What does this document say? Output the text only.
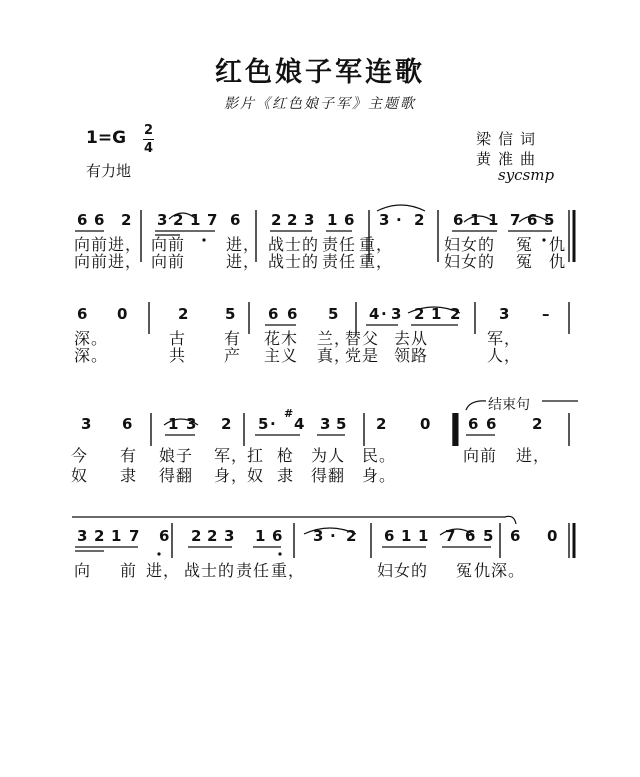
红色娘子军连歌
影片《红色娘子军》主题歌
1=G 2
4
有力地
梁信词
黄准曲
sycsmp
结束句
6 6 2 3 2 1 7 6 2 2 3 1 6 3 · 2 6 1 1 7 6 5
向前进， 向前	进， 战士的 责任 重，	妇女的 冤 仇
向前进， 向前	进， 战士的 责任 重，	妇女的 冤 仇
6 0	2 5 6 6 5 4 · 3 2 1 2	3 –
深。	古 有 花木 兰，
替父 去从	军，
深。	共 产 主义 真，
党是 领路	人，
3 6 1 3 2 5 ·
#
4 3 5 2 0	6 6 2
今 有 娘子 军，
扛 枪 为人 民。	向前 进，
奴 隶 得翻 身，
奴 隶 得翻 身。
3 2 1 7 6 2 2 3 1 6 3 · 2 6 1 1 7 6 5 6 0
向 前 进， 战士的 责任 重，	妇女的 冤 仇深。
